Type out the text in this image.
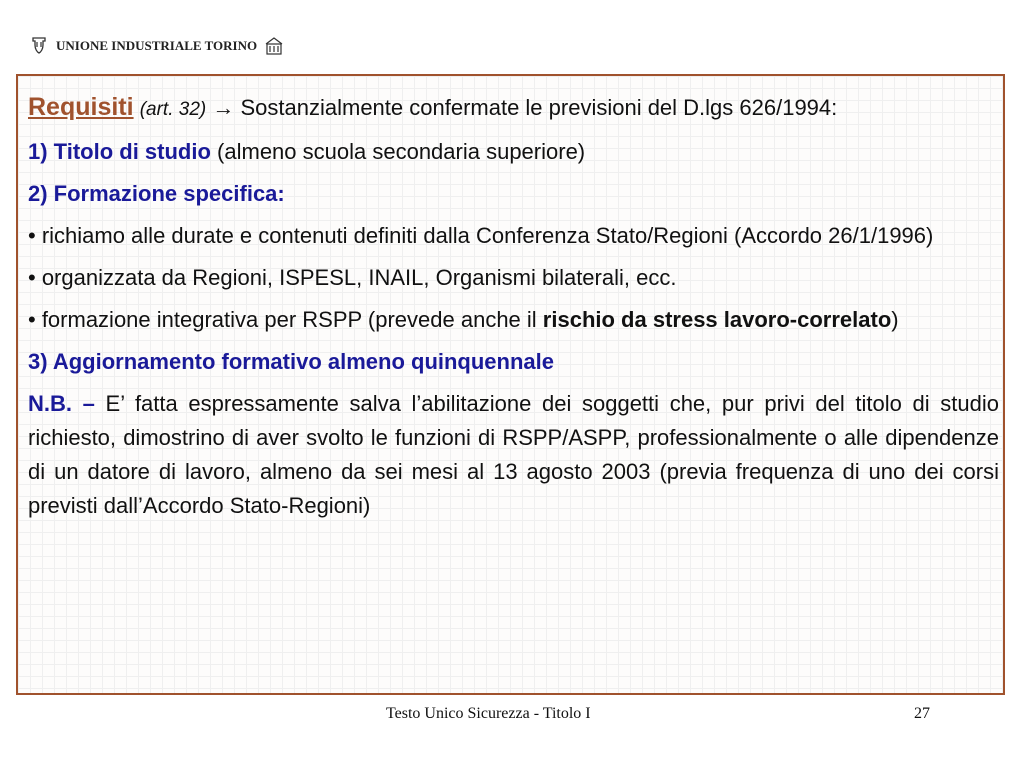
UNIONE INDUSTRIALE TORINO

Requisiti (art. 32) → Sostanzialmente confermate le previsioni del D.lgs 626/1994:

1) Titolo di studio (almeno scuola secondaria superiore)

2) Formazione specifica:

• richiamo alle durate e contenuti definiti dalla Conferenza Stato/Regioni (Accordo 26/1/1996)

• organizzata da Regioni, ISPESL, INAIL, Organismi bilaterali, ecc.

• formazione integrativa per RSPP (prevede anche il rischio da stress lavoro-correlato)

3) Aggiornamento formativo almeno quinquennale

N.B. – E’ fatta espressamente salva l’abilitazione dei soggetti che, pur privi del titolo di studio richiesto, dimostrino di aver svolto le funzioni di RSPP/ASPP, professionalmente o alle dipendenze di un datore di lavoro, almeno da sei mesi al 13 agosto 2003 (previa frequenza di uno dei corsi previsti dall’Accordo Stato-Regioni)

Testo Unico Sicurezza - Titolo I	27
